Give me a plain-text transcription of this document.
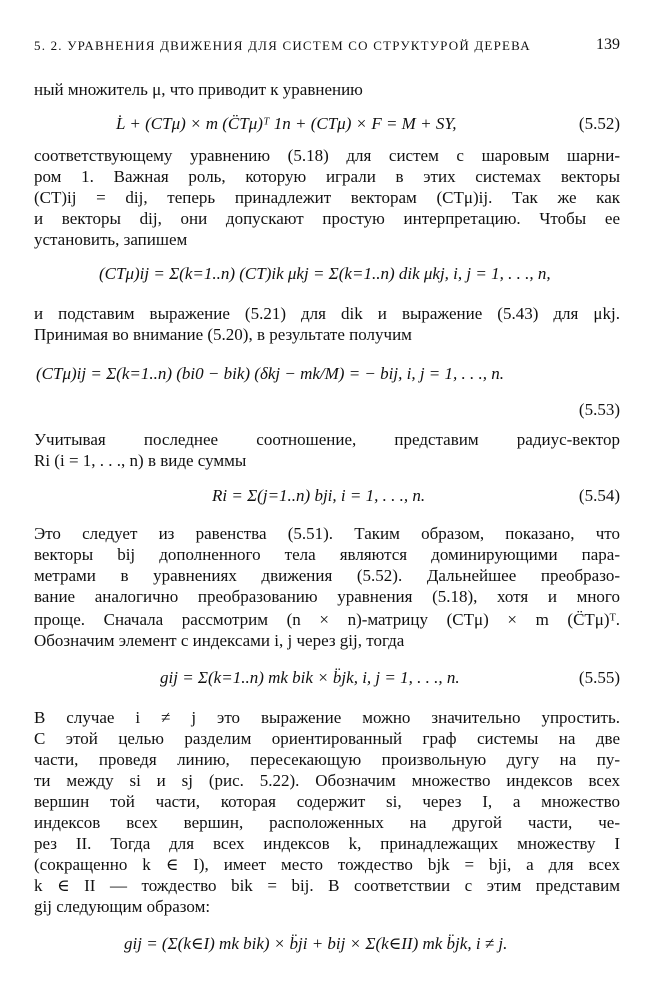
5. 2. УРАВНЕНИЯ ДВИЖЕНИЯ ДЛЯ СИСТЕМ СО СТРУКТУРОЙ ДЕРЕВА	139
ный множитель μ, что приводит к уравнению
L̇ + (CTμ) × m (C̈Tμ)ᵀ 1n + (CTμ) × F = M + SY,	(5.52)
соответствующему уравнению (5.18) для систем с шаровым шарни-
ром 1. Важная роль, которую играли в этих системах векторы
(CT)ij = dij, теперь принадлежит векторам (CTμ)ij. Так же как
и векторы dij, они допускают простую интерпретацию. Чтобы ее
установить, запишем
(CTμ)ij = Σ(k=1..n) (CT)ik μkj = Σ(k=1..n) dik μkj, i, j = 1, . . ., n,
и подставим выражение (5.21) для dik и выражение (5.43) для μkj.
Принимая во внимание (5.20), в результате получим
(CTμ)ij = Σ(k=1..n) (bi0 − bik) (δkj − mk/M) = − bij, i, j = 1, . . ., n.
(5.53)
Учитывая последнее соотношение, представим радиус-вектор
Ri (i = 1, . . ., n) в виде суммы
Ri = Σ(j=1..n) bji, i = 1, . . ., n.	(5.54)
Это следует из равенства (5.51). Таким образом, показано, что
векторы bij дополненного тела являются доминирующими пара-
метрами в уравнениях движения (5.52). Дальнейшее преобразо-
вание аналогично преобразованию уравнения (5.18), хотя и много
проще. Сначала рассмотрим (n × n)-матрицу (CTμ) × m (C̈Tμ)ᵀ.
Обозначим элемент с индексами i, j через gij, тогда
gij = Σ(k=1..n) mk bik × b̈jk, i, j = 1, . . ., n.	(5.55)
В случае i ≠ j это выражение можно значительно упростить.
С этой целью разделим ориентированный граф системы на две
части, проведя линию, пересекающую произвольную дугу на пу-
ти между si и sj (рис. 5.22). Обозначим множество индексов всех
вершин той части, которая содержит si, через I, а множество
индексов всех вершин, расположенных на другой части, че-
рез II. Тогда для всех индексов k, принадлежащих множеству I
(сокращенно k ∈ I), имеет место тождество bjk = bji, а для всех
k ∈ II — тождество bik = bij. В соответствии с этим представим
gij следующим образом:
gij = (Σ(k∈I) mk bik) × b̈ji + bij × Σ(k∈II) mk b̈jk, i ≠ j.
